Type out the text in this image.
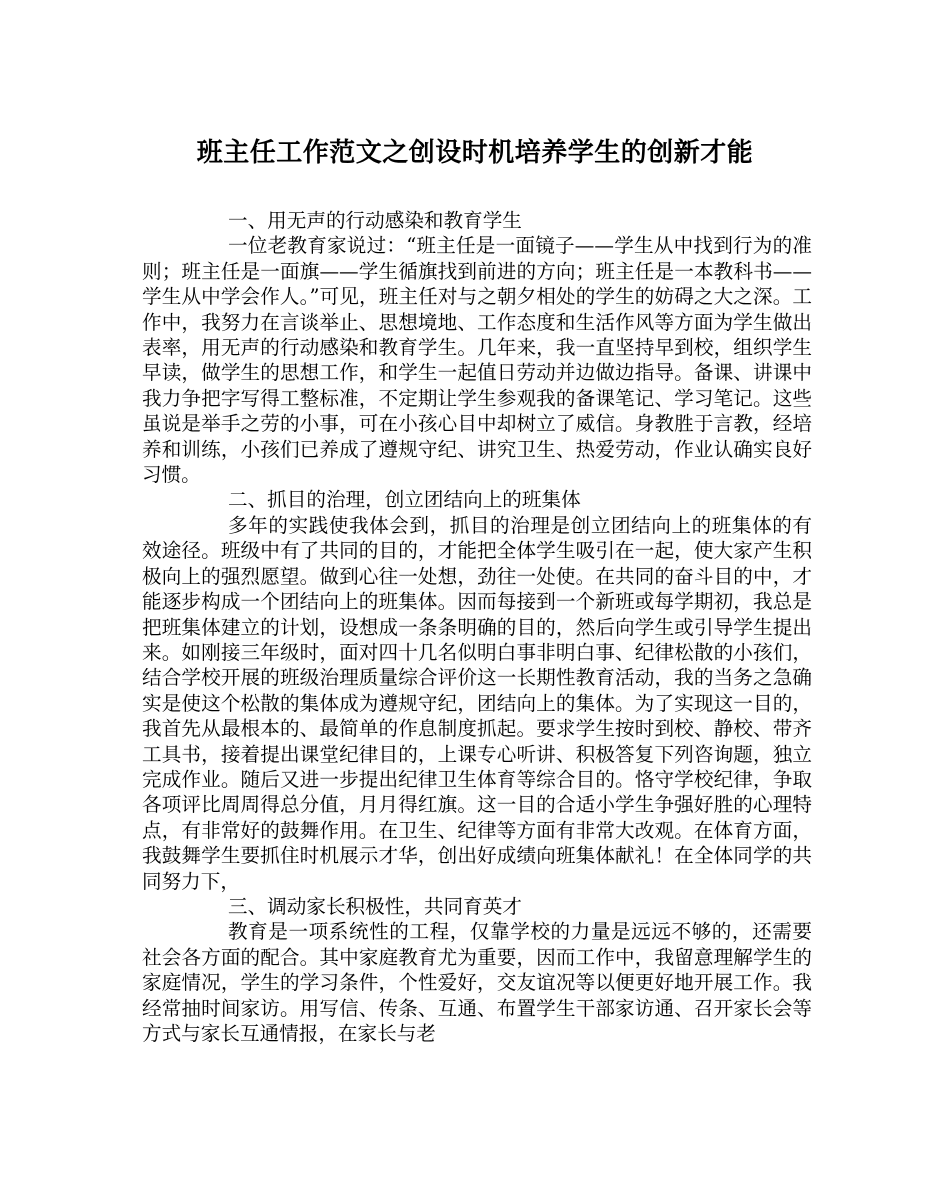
班主任工作范文之创设时机培养学生的创新才能

一、用无声的行动感染和教育学生

一位老教育家说过：“班主任是一面镜子——学生从中找到行为的准则；班主任是一面旗——学生循旗找到前进的方向；班主任是一本教科书——学生从中学会作人。”可见，班主任对与之朝夕相处的学生的妨碍之大之深。工作中，我努力在言谈举止、思想境地、工作态度和生活作风等方面为学生做出表率，用无声的行动感染和教育学生。几年来，我一直坚持早到校，组织学生早读，做学生的思想工作，和学生一起值日劳动并边做边指导。备课、讲课中我力争把字写得工整标准，不定期让学生参观我的备课笔记、学习笔记。这些虽说是举手之劳的小事，可在小孩心目中却树立了威信。身教胜于言教，经培养和训练，小孩们已养成了遵规守纪、讲究卫生、热爱劳动，作业认确实良好习惯。

二、抓目的治理，创立团结向上的班集体

多年的实践使我体会到，抓目的治理是创立团结向上的班集体的有效途径。班级中有了共同的目的，才能把全体学生吸引在一起，使大家产生积极向上的强烈愿望。做到心往一处想，劲往一处使。在共同的奋斗目的中，才能逐步构成一个团结向上的班集体。因而每接到一个新班或每学期初，我总是把班集体建立的计划，设想成一条条明确的目的，然后向学生或引导学生提出来。如刚接三年级时，面对四十几名似明白事非明白事、纪律松散的小孩们，结合学校开展的班级治理质量综合评价这一长期性教育活动，我的当务之急确实是使这个松散的集体成为遵规守纪，团结向上的集体。为了实现这一目的，我首先从最根本的、最简单的作息制度抓起。要求学生按时到校、静校、带齐工具书，接着提出课堂纪律目的，上课专心听讲、积极答复下列咨询题，独立完成作业。随后又进一步提出纪律卫生体育等综合目的。恪守学校纪律，争取各项评比周周得总分值，月月得红旗。这一目的合适小学生争强好胜的心理特点，有非常好的鼓舞作用。在卫生、纪律等方面有非常大改观。在体育方面，我鼓舞学生要抓住时机展示才华，创出好成绩向班集体献礼！在全体同学的共同努力下，

三、调动家长积极性，共同育英才

教育是一项系统性的工程，仅靠学校的力量是远远不够的，还需要社会各方面的配合。其中家庭教育尤为重要，因而工作中，我留意理解学生的家庭情况，学生的学习条件，个性爱好，交友谊况等以便更好地开展工作。我经常抽时间家访。用写信、传条、互通、布置学生干部家访通、召开家长会等方式与家长互通情报，在家长与老
